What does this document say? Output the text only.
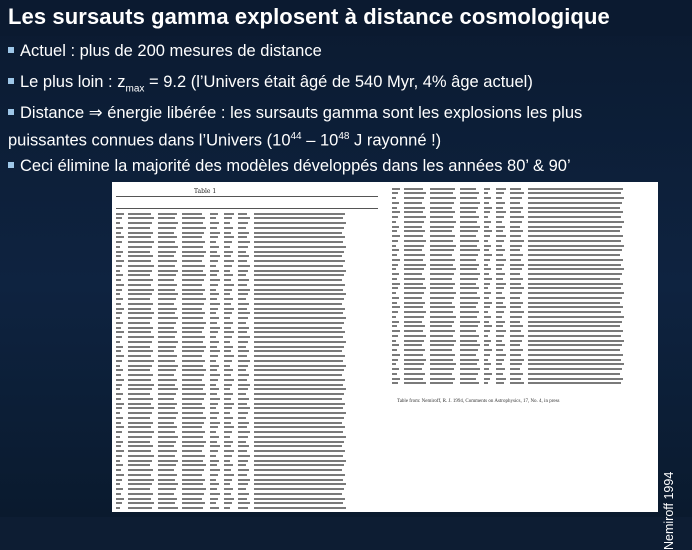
Les sursauts gamma explosent à distance cosmologique
Actuel : plus de 200 mesures de distance
Le plus loin : $z_{max} = 9.2$ (l’Univers était âgé de 540 Myr, 4% âge actuel)
Distance ⇒ énergie libérée : les sursauts gamma sont les explosions les plus
puissantes connues dans l’Univers ($10^{44} - 10^{48}$ J rayonné !)
Ceci élimine la majorité des modèles développés dans les années 80’ & 90’
Table 1
Table from: Nemiroff, R. J. 1994, Comments on Astrophysics, 17, No. 4, in press
Nemiroff 1994
